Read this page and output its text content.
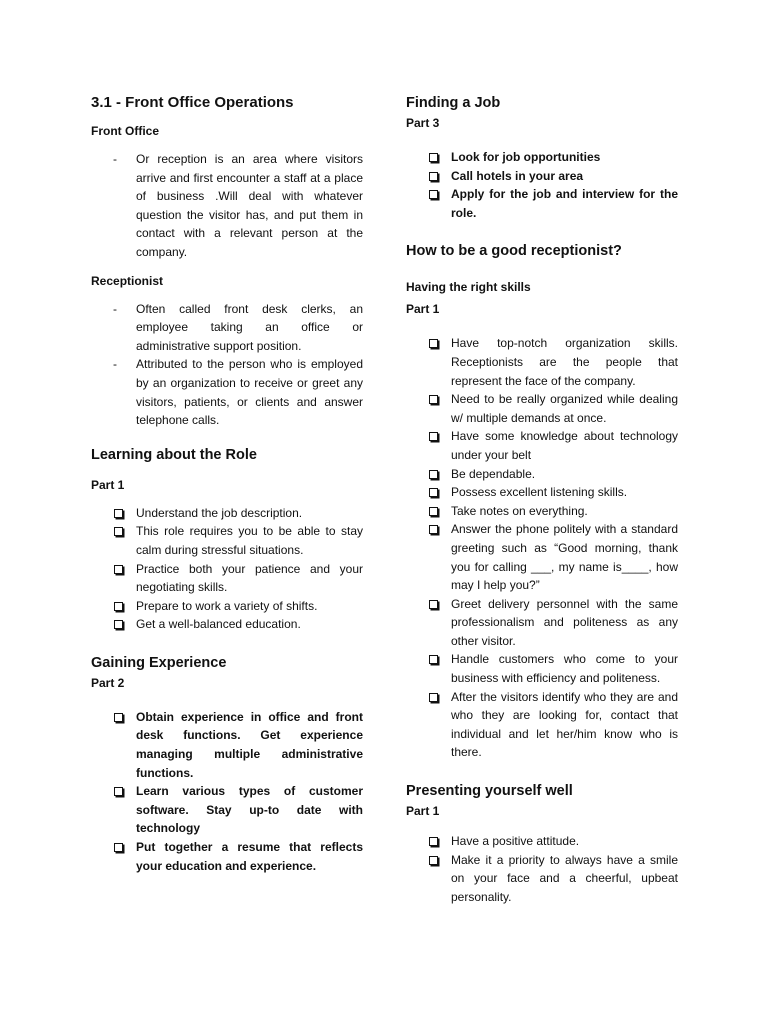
3.1 - Front Office Operations
Front Office
- Or reception is an area where visitors arrive and first encounter a staff at a place of business .Will deal with whatever question the visitor has, and put them in contact with a relevant person at the company.
Receptionist
- Often called front desk clerks, an employee taking an office or administrative support position.
- Attributed to the person who is employed by an organization to receive or greet any visitors, patients, or clients and answer telephone calls.
Learning about the Role
Part 1
Understand the job description.
This role requires you to be able to stay calm during stressful situations.
Practice both your patience and your negotiating skills.
Prepare to work a variety of shifts.
Get a well-balanced education.
Gaining Experience
Part 2
Obtain experience in office and front desk functions. Get experience managing multiple administrative functions.
Learn various types of customer software. Stay up-to date with technology
Put together a resume that reflects your education and experience.
Finding a Job
Part 3
Look for job opportunities
Call hotels in your area
Apply for the job and interview for the role.
How to be a good receptionist?
Having the right skills
Part 1
Have top-notch organization skills. Receptionists are the people that represent the face of the company.
Need to be really organized while dealing w/ multiple demands at once.
Have some knowledge about technology under your belt
Be dependable.
Possess excellent listening skills.
Take notes on everything.
Answer the phone politely with a standard greeting such as “Good morning, thank you for calling ___, my name is____, how may I help you?”
Greet delivery personnel with the same professionalism and politeness as any other visitor.
Handle customers who come to your business with efficiency and politeness.
After the visitors identify who they are and who they are looking for, contact that individual and let her/him know who is there.
Presenting yourself well
Part 1
Have a positive attitude.
Make it a priority to always have a smile on your face and a cheerful, upbeat personality.
